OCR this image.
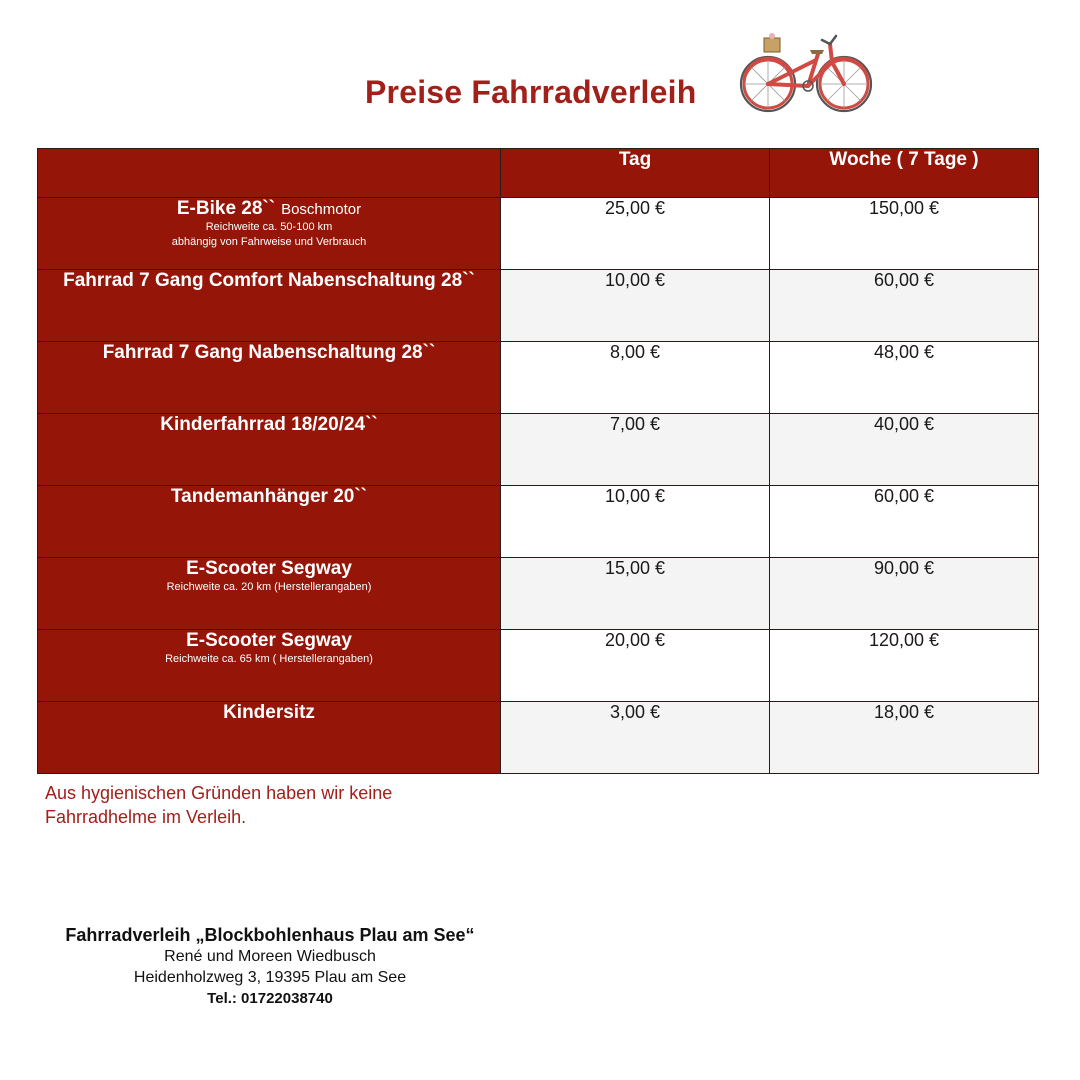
Preise Fahrradverleih
	Tag	Woche ( 7 Tage )
E-Bike 28`` Boschmotor
Reichweite ca. 50-100 km
abhängig von Fahrweise und Verbrauch	25,00 €	150,00 €
Fahrrad 7 Gang Comfort Nabenschaltung 28``	10,00 €	60,00 €
Fahrrad 7 Gang Nabenschaltung 28``	8,00 €	48,00 €
Kinderfahrrad 18/20/24``	7,00 €	40,00 €
Tandemanhänger 20``	10,00 €	60,00 €
E-Scooter Segway
Reichweite ca. 20 km (Herstellerangaben)	15,00 €	90,00 €
E-Scooter Segway
Reichweite ca. 65 km ( Herstellerangaben)	20,00 €	120,00 €
Kindersitz	3,00 €	18,00 €
Aus hygienischen Gründen haben wir keine
Fahrradhelme im Verleih.
Fahrradverleih „Blockbohlenhaus Plau am See“
René und Moreen Wiedbusch
Heidenholzweg 3, 19395 Plau am See
Tel.: 01722038740
